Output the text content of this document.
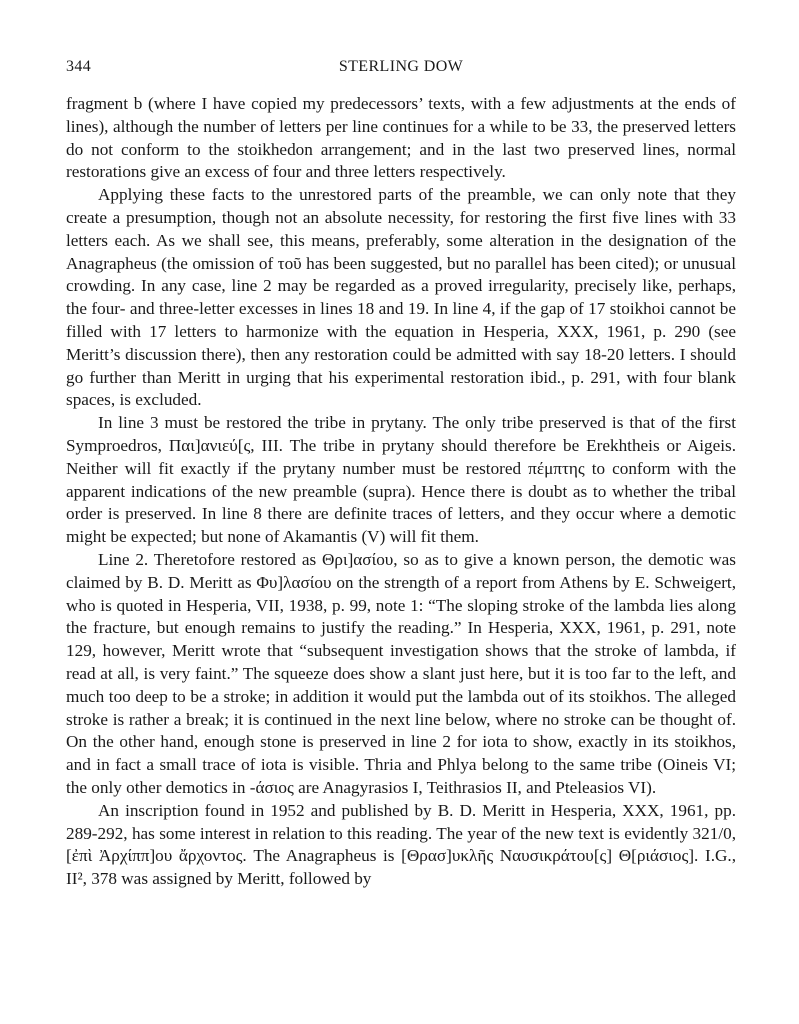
344	STERLING DOW

fragment b (where I have copied my predecessors’ texts, with a few adjustments at the ends of lines), although the number of letters per line continues for a while to be 33, the preserved letters do not conform to the stoikhedon arrangement; and in the last two preserved lines, normal restorations give an excess of four and three letters respectively.

Applying these facts to the unrestored parts of the preamble, we can only note that they create a presumption, though not an absolute necessity, for restoring the first five lines with 33 letters each. As we shall see, this means, preferably, some alteration in the designation of the Anagrapheus (the omission of τοῦ has been suggested, but no parallel has been cited); or unusual crowding. In any case, line 2 may be regarded as a proved irregularity, precisely like, perhaps, the four- and three-letter excesses in lines 18 and 19. In line 4, if the gap of 17 stoikhoi cannot be filled with 17 letters to harmonize with the equation in Hesperia, XXX, 1961, p. 290 (see Meritt’s discussion there), then any restoration could be admitted with say 18-20 letters. I should go further than Meritt in urging that his experimental restoration ibid., p. 291, with four blank spaces, is excluded.

In line 3 must be restored the tribe in prytany. The only tribe preserved is that of the first Symproedros, Παι]ανιεύ[ς, III. The tribe in prytany should therefore be Erekhtheis or Aigeis. Neither will fit exactly if the prytany number must be restored πέμπτης to conform with the apparent indications of the new preamble (supra). Hence there is doubt as to whether the tribal order is preserved. In line 8 there are definite traces of letters, and they occur where a demotic might be expected; but none of Akamantis (V) will fit them.

Line 2. Theretofore restored as Θρι]ασίου, so as to give a known person, the demotic was claimed by B. D. Meritt as Φυ]λασίου on the strength of a report from Athens by E. Schweigert, who is quoted in Hesperia, VII, 1938, p. 99, note 1: “The sloping stroke of the lambda lies along the fracture, but enough remains to justify the reading.” In Hesperia, XXX, 1961, p. 291, note 129, however, Meritt wrote that “subsequent investigation shows that the stroke of lambda, if read at all, is very faint.” The squeeze does show a slant just here, but it is too far to the left, and much too deep to be a stroke; in addition it would put the lambda out of its stoikhos. The alleged stroke is rather a break; it is continued in the next line below, where no stroke can be thought of. On the other hand, enough stone is preserved in line 2 for iota to show, exactly in its stoikhos, and in fact a small trace of iota is visible. Thria and Phlya belong to the same tribe (Oineis VI; the only other demotics in -άσιος are Anagyrasios I, Teithrasios II, and Pteleasios VI).

An inscription found in 1952 and published by B. D. Meritt in Hesperia, XXX, 1961, pp. 289-292, has some interest in relation to this reading. The year of the new text is evidently 321/0, [ἐπὶ Ἀρχίππ]ου ἄρχοντος. The Anagrapheus is [Θρασ]υκλῆς Ναυσικράτου[ς] Θ[ριάσιος]. I.G., II², 378 was assigned by Meritt, followed by
